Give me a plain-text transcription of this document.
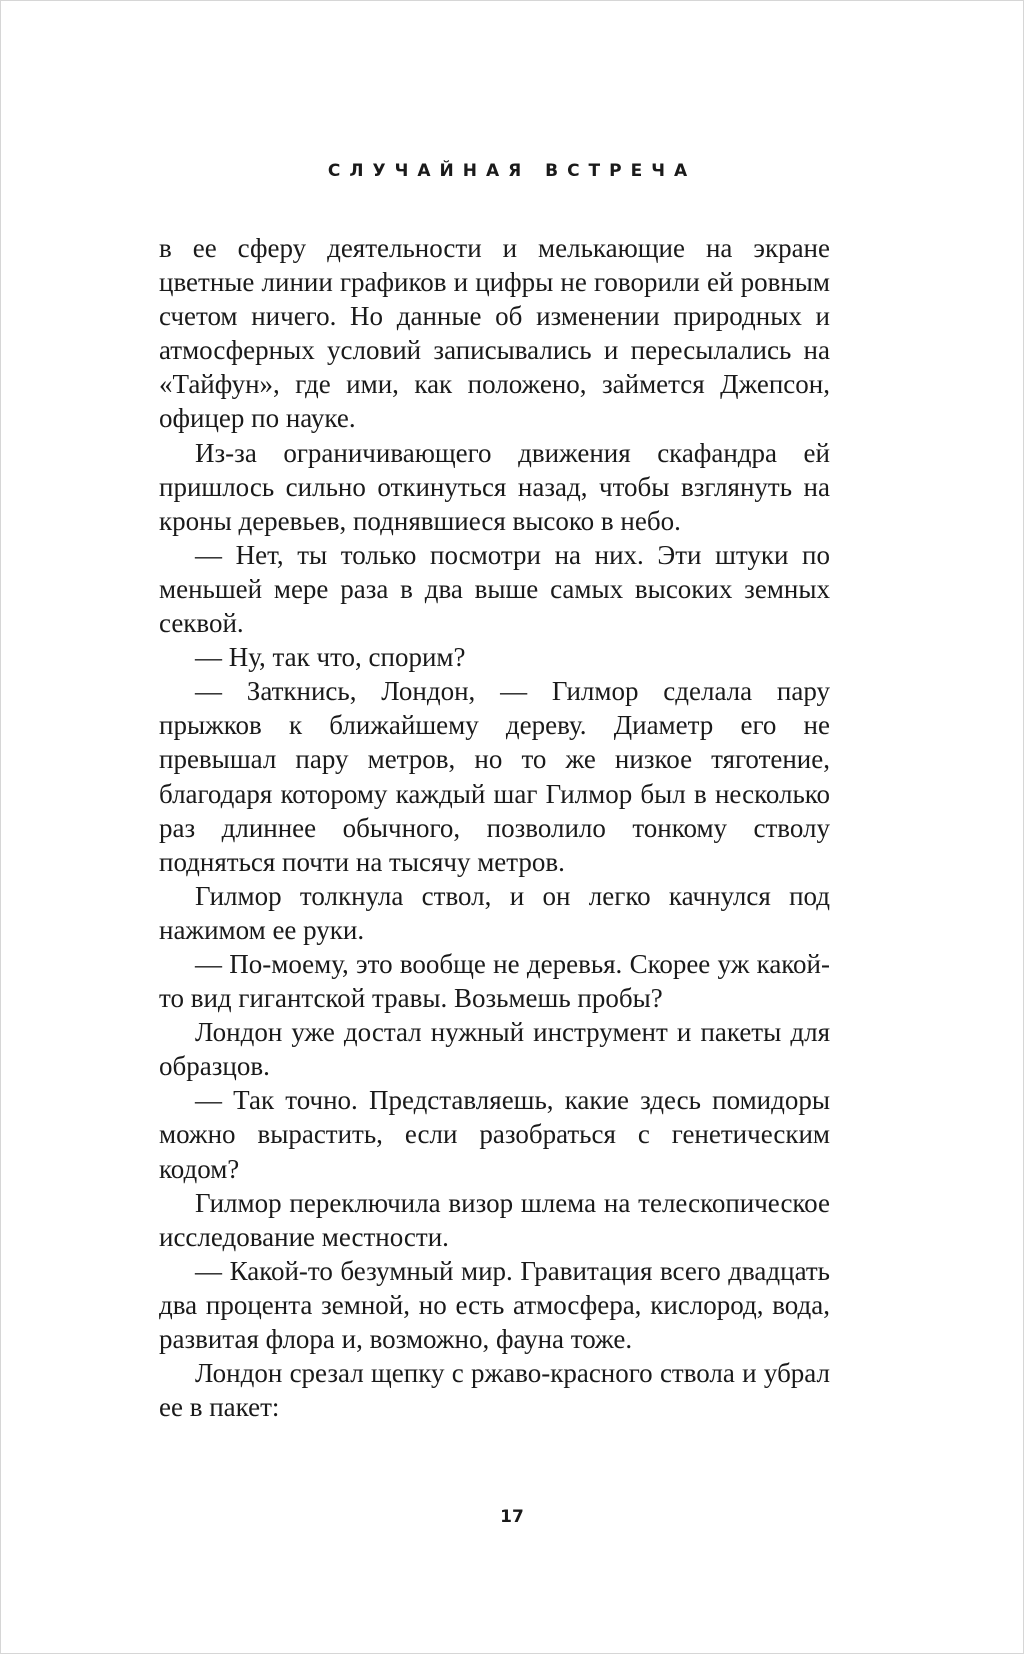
СЛУЧАЙНАЯ ВСТРЕЧА

в ее сферу деятельности и мелькающие на экране цветные линии графиков и цифры не говорили ей ровным счетом ничего. Но данные об изменении природных и атмосферных условий записывались и пересылались на «Тайфун», где ими, как положено, займется Джепсон, офицер по науке.

Из-за ограничивающего движения скафандра ей пришлось сильно откинуться назад, чтобы взглянуть на кроны деревьев, поднявшиеся высоко в небо.

— Нет, ты только посмотри на них. Эти штуки по меньшей мере раза в два выше самых высоких земных секвой.

— Ну, так что, спорим?

— Заткнись, Лондон, — Гилмор сделала пару прыжков к ближайшему дереву. Диаметр его не превышал пару метров, но то же низкое тяготение, благодаря которому каждый шаг Гилмор был в несколько раз длиннее обычного, позволило тонкому стволу подняться почти на тысячу метров.

Гилмор толкнула ствол, и он легко качнулся под нажимом ее руки.

— По-моему, это вообще не деревья. Скорее уж какой-то вид гигантской травы. Возьмешь пробы?

Лондон уже достал нужный инструмент и пакеты для образцов.

— Так точно. Представляешь, какие здесь помидоры можно вырастить, если разобраться с генетическим кодом?

Гилмор переключила визор шлема на телескопическое исследование местности.

— Какой-то безумный мир. Гравитация всего двадцать два процента земной, но есть атмосфера, кислород, вода, развитая флора и, возможно, фауна тоже.

Лондон срезал щепку с ржаво-красного ствола и убрал ее в пакет:

17
